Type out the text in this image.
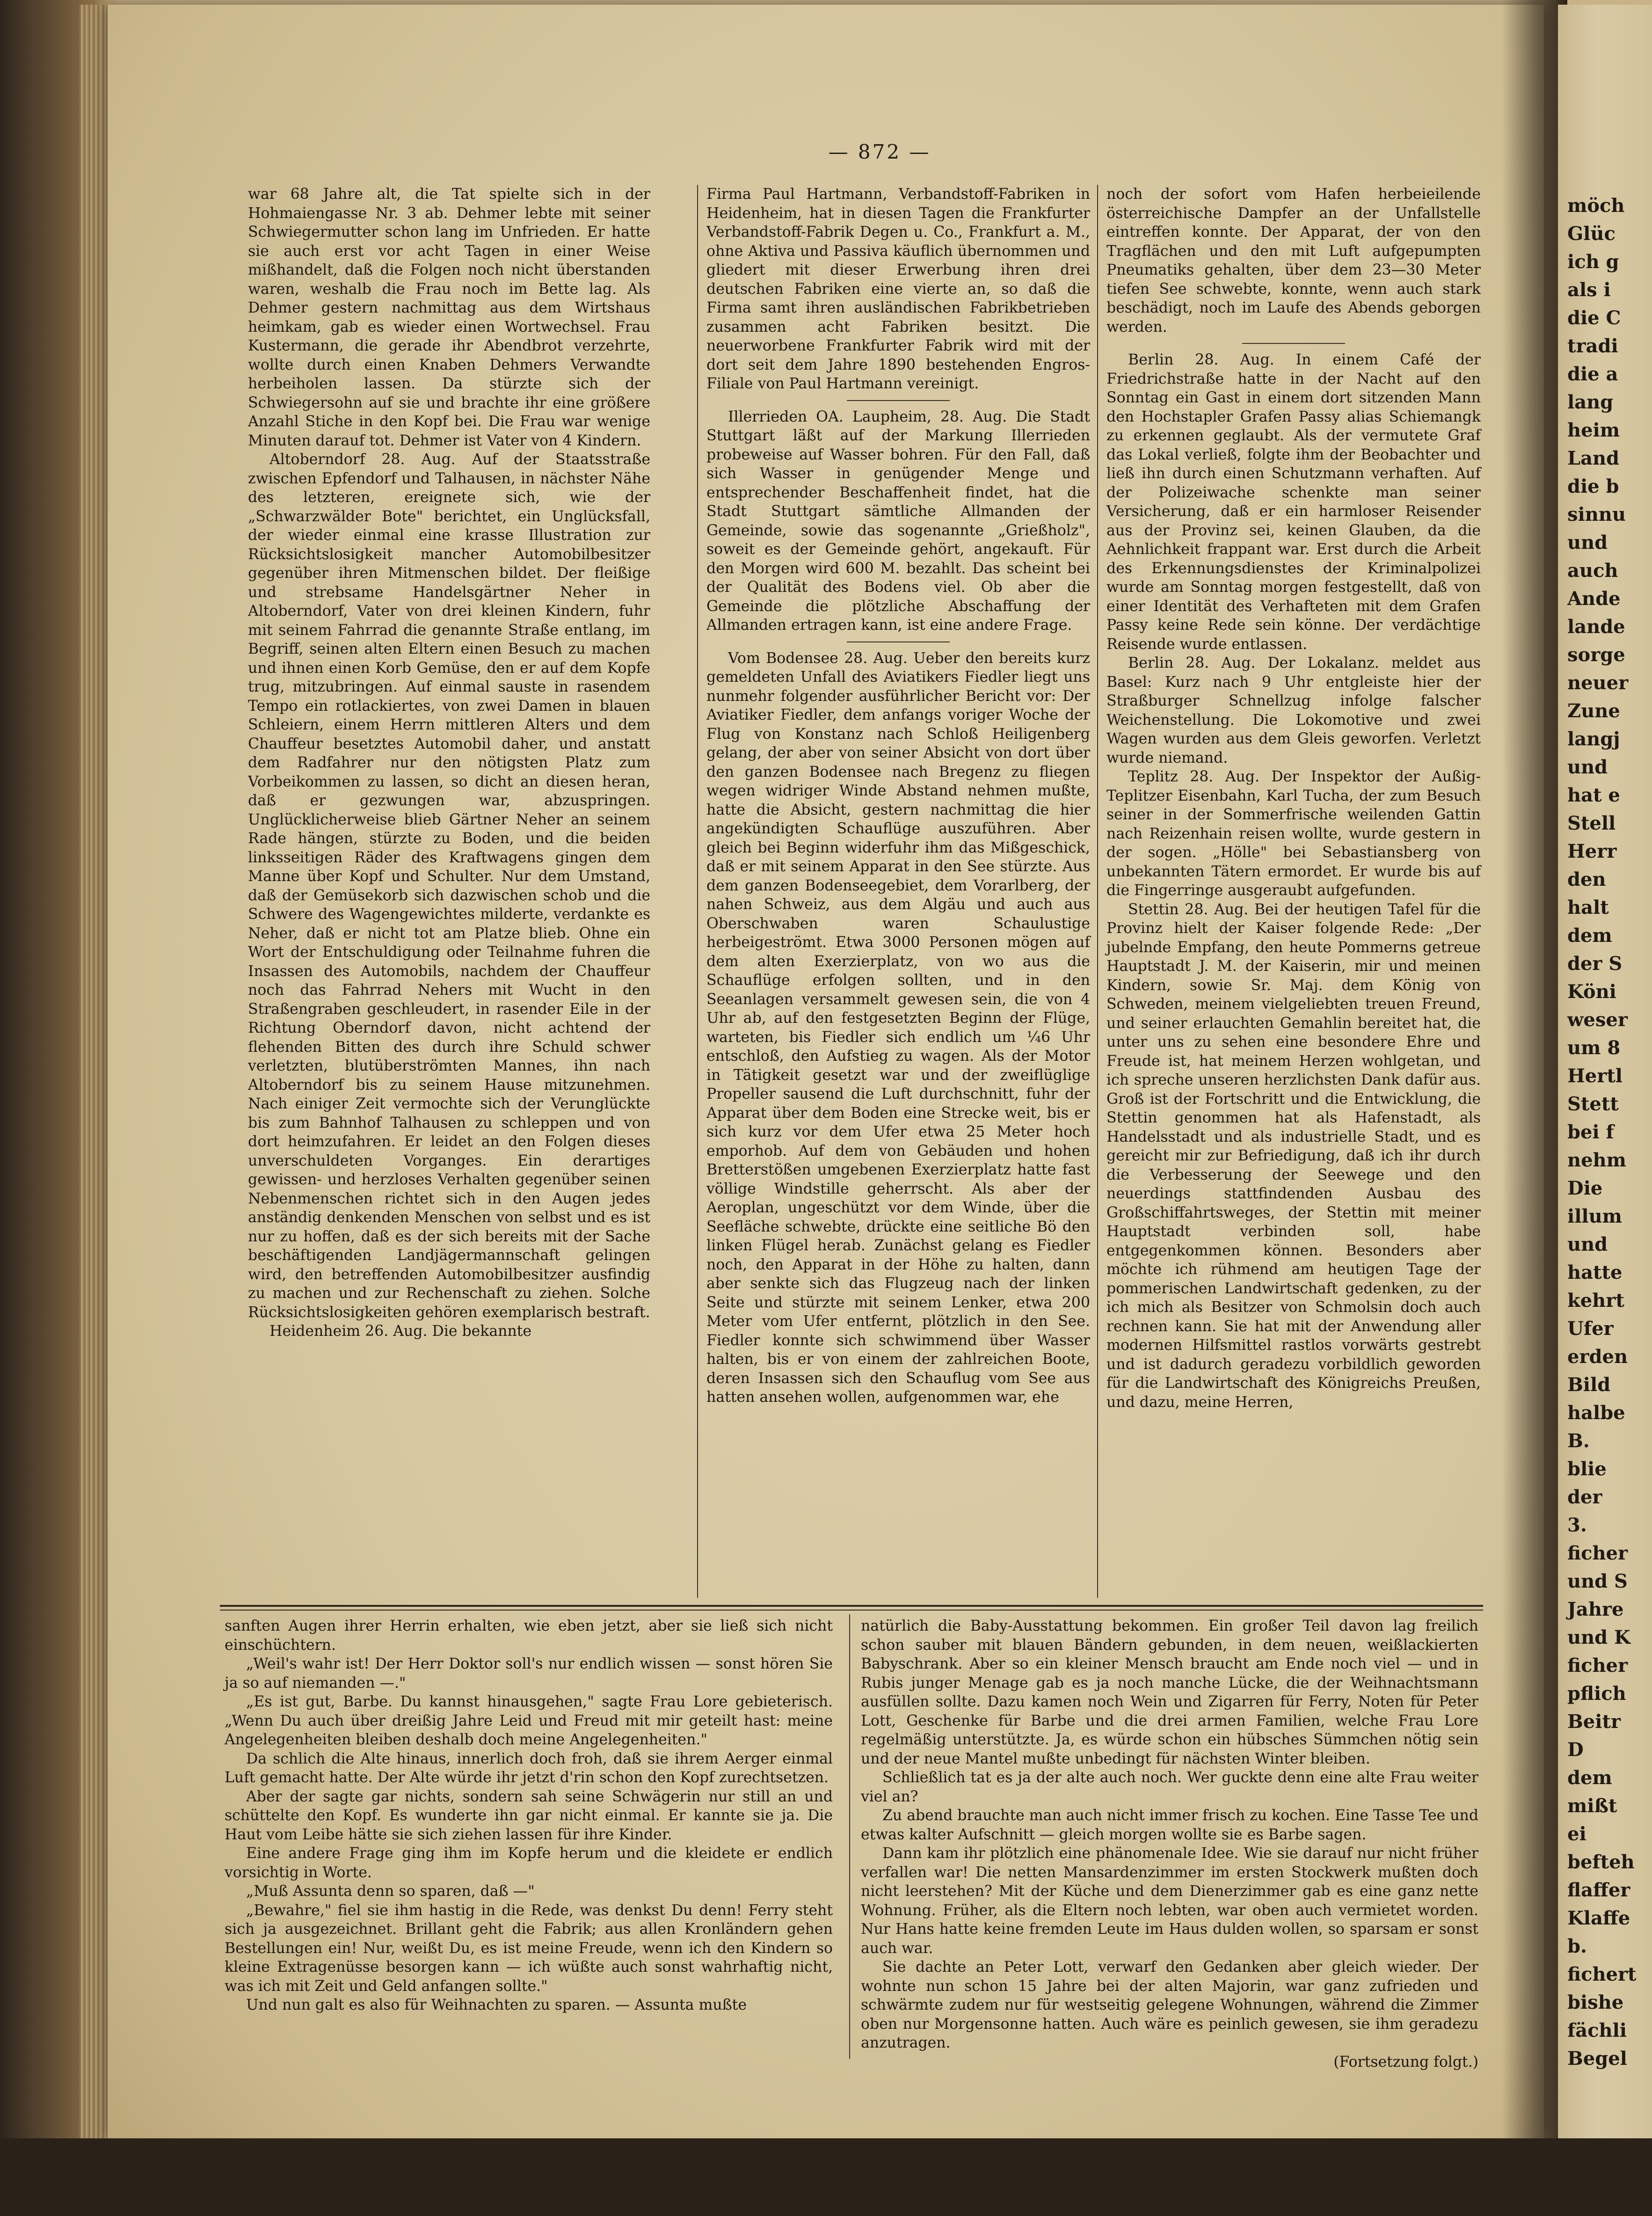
— 872 —

war 68 Jahre alt, die Tat spielte sich in der Hohmaiengasse Nr. 3 ab. Dehmer lebte mit seiner Schwiegermutter schon lang im Unfrieden. Er hatte sie auch erst vor acht Tagen in einer Weise mißhandelt, daß die Folgen noch nicht überstanden waren, weshalb die Frau noch im Bette lag. Als Dehmer gestern nachmittag aus dem Wirtshaus heimkam, gab es wieder einen Wortwechsel. Frau Kustermann, die gerade ihr Abendbrot verzehrte, wollte durch einen Knaben Dehmers Verwandte herbeiholen lassen. Da stürzte sich der Schwiegersohn auf sie und brachte ihr eine größere Anzahl Stiche in den Kopf bei. Die Frau war wenige Minuten darauf tot. Dehmer ist Vater von 4 Kindern.

Altoberndorf 28. Aug. Auf der Staatsstraße zwischen Epfendorf und Talhausen, in nächster Nähe des letzteren, ereignete sich, wie der „Schwarzwälder Bote" berichtet, ein Unglücksfall, der wieder einmal eine krasse Illustration zur Rücksichtslosigkeit mancher Automobilbesitzer gegenüber ihren Mitmenschen bildet. Der fleißige und strebsame Handelsgärtner Neher in Altoberndorf, Vater von drei kleinen Kindern, fuhr mit seinem Fahrrad die genannte Straße entlang, im Begriff, seinen alten Eltern einen Besuch zu machen und ihnen einen Korb Gemüse, den er auf dem Kopfe trug, mitzubringen. Auf einmal sauste in rasendem Tempo ein rotlackiertes, von zwei Damen in blauen Schleiern, einem Herrn mittleren Alters und dem Chauffeur besetztes Automobil daher, und anstatt dem Radfahrer nur den nötigsten Platz zum Vorbeikommen zu lassen, so dicht an diesen heran, daß er gezwungen war, abzuspringen. Unglücklicherweise blieb Gärtner Neher an seinem Rade hängen, stürzte zu Boden, und die beiden linksseitigen Räder des Kraftwagens gingen dem Manne über Kopf und Schulter. Nur dem Umstand, daß der Gemüsekorb sich dazwischen schob und die Schwere des Wagengewichtes milderte, verdankte es Neher, daß er nicht tot am Platze blieb. Ohne ein Wort der Entschuldigung oder Teilnahme fuhren die Insassen des Automobils, nachdem der Chauffeur noch das Fahrrad Nehers mit Wucht in den Straßengraben geschleudert, in rasender Eile in der Richtung Oberndorf davon, nicht achtend der flehenden Bitten des durch ihre Schuld schwer verletzten, blutüberströmten Mannes, ihn nach Altoberndorf bis zu seinem Hause mitzunehmen. Nach einiger Zeit vermochte sich der Verunglückte bis zum Bahnhof Talhausen zu schleppen und von dort heimzufahren. Er leidet an den Folgen dieses unverschuldeten Vorganges. Ein derartiges gewissen- und herzloses Verhalten gegenüber seinen Nebenmenschen richtet sich in den Augen jedes anständig denkenden Menschen von selbst und es ist nur zu hoffen, daß es der sich bereits mit der Sache beschäftigenden Landjägermannschaft gelingen wird, den betreffenden Automobilbesitzer ausfindig zu machen und zur Rechenschaft zu ziehen. Solche Rücksichtslosigkeiten gehören exemplarisch bestraft.

Heidenheim 26. Aug. Die bekannte

Firma Paul Hartmann, Verbandstoff-Fabriken in Heidenheim, hat in diesen Tagen die Frankfurter Verbandstoff-Fabrik Degen u. Co., Frankfurt a. M., ohne Aktiva und Passiva käuflich übernommen und gliedert mit dieser Erwerbung ihren drei deutschen Fabriken eine vierte an, so daß die Firma samt ihren ausländischen Fabrikbetrieben zusammen acht Fabriken besitzt. Die neuerworbene Frankfurter Fabrik wird mit der dort seit dem Jahre 1890 bestehenden Engros-Filiale von Paul Hartmann vereinigt.

Illerrieden OA. Laupheim, 28. Aug. Die Stadt Stuttgart läßt auf der Markung Illerrieden probeweise auf Wasser bohren. Für den Fall, daß sich Wasser in genügender Menge und entsprechender Beschaffenheit findet, hat die Stadt Stuttgart sämtliche Allmanden der Gemeinde, sowie das sogenannte „Grießholz", soweit es der Gemeinde gehört, angekauft. Für den Morgen wird 600 M. bezahlt. Das scheint bei der Qualität des Bodens viel. Ob aber die Gemeinde die plötzliche Abschaffung der Allmanden ertragen kann, ist eine andere Frage.

Vom Bodensee 28. Aug. Ueber den bereits kurz gemeldeten Unfall des Aviatikers Fiedler liegt uns nunmehr folgender ausführlicher Bericht vor: Der Aviatiker Fiedler, dem anfangs voriger Woche der Flug von Konstanz nach Schloß Heiligenberg gelang, der aber von seiner Absicht von dort über den ganzen Bodensee nach Bregenz zu fliegen wegen widriger Winde Abstand nehmen mußte, hatte die Absicht, gestern nachmittag die hier angekündigten Schauflüge auszuführen. Aber gleich bei Beginn widerfuhr ihm das Mißgeschick, daß er mit seinem Apparat in den See stürzte. Aus dem ganzen Bodenseegebiet, dem Vorarlberg, der nahen Schweiz, aus dem Algäu und auch aus Oberschwaben waren Schaulustige herbeigeströmt. Etwa 3000 Personen mögen auf dem alten Exerzierplatz, von wo aus die Schauflüge erfolgen sollten, und in den Seeanlagen versammelt gewesen sein, die von 4 Uhr ab, auf den festgesetzten Beginn der Flüge, warteten, bis Fiedler sich endlich um ¼6 Uhr entschloß, den Aufstieg zu wagen. Als der Motor in Tätigkeit gesetzt war und der zweiflüglige Propeller sausend die Luft durchschnitt, fuhr der Apparat über dem Boden eine Strecke weit, bis er sich kurz vor dem Ufer etwa 25 Meter hoch emporhob. Auf dem von Gebäuden und hohen Bretterstößen umgebenen Exerzierplatz hatte fast völlige Windstille geherrscht. Als aber der Aeroplan, ungeschützt vor dem Winde, über die Seefläche schwebte, drückte eine seitliche Bö den linken Flügel herab. Zunächst gelang es Fiedler noch, den Apparat in der Höhe zu halten, dann aber senkte sich das Flugzeug nach der linken Seite und stürzte mit seinem Lenker, etwa 200 Meter vom Ufer entfernt, plötzlich in den See. Fiedler konnte sich schwimmend über Wasser halten, bis er von einem der zahlreichen Boote, deren Insassen sich den Schauflug vom See aus hatten ansehen wollen, aufgenommen war, ehe

noch der sofort vom Hafen herbeieilende österreichische Dampfer an der Unfallstelle eintreffen konnte. Der Apparat, der von den Tragflächen und den mit Luft aufgepumpten Pneumatiks gehalten, über dem 23—30 Meter tiefen See schwebte, konnte, wenn auch stark beschädigt, noch im Laufe des Abends geborgen werden.

Berlin 28. Aug. In einem Café der Friedrichstraße hatte in der Nacht auf den Sonntag ein Gast in einem dort sitzenden Mann den Hochstapler Grafen Passy alias Schiemangk zu erkennen geglaubt. Als der vermutete Graf das Lokal verließ, folgte ihm der Beobachter und ließ ihn durch einen Schutzmann verhaften. Auf der Polizeiwache schenkte man seiner Versicherung, daß er ein harmloser Reisender aus der Provinz sei, keinen Glauben, da die Aehnlichkeit frappant war. Erst durch die Arbeit des Erkennungsdienstes der Kriminalpolizei wurde am Sonntag morgen festgestellt, daß von einer Identität des Verhafteten mit dem Grafen Passy keine Rede sein könne. Der verdächtige Reisende wurde entlassen.

Berlin 28. Aug. Der Lokalanz. meldet aus Basel: Kurz nach 9 Uhr entgleiste hier der Straßburger Schnellzug infolge falscher Weichenstellung. Die Lokomotive und zwei Wagen wurden aus dem Gleis geworfen. Verletzt wurde niemand.

Teplitz 28. Aug. Der Inspektor der Außig-Teplitzer Eisenbahn, Karl Tucha, der zum Besuch seiner in der Sommerfrische weilenden Gattin nach Reizenhain reisen wollte, wurde gestern in der sogen. „Hölle" bei Sebastiansberg von unbekannten Tätern ermordet. Er wurde bis auf die Fingerringe ausgeraubt aufgefunden.

Stettin 28. Aug. Bei der heutigen Tafel für die Provinz hielt der Kaiser folgende Rede: „Der jubelnde Empfang, den heute Pommerns getreue Hauptstadt J. M. der Kaiserin, mir und meinen Kindern, sowie Sr. Maj. dem König von Schweden, meinem vielgeliebten treuen Freund, und seiner erlauchten Gemahlin bereitet hat, die unter uns zu sehen eine besondere Ehre und Freude ist, hat meinem Herzen wohlgetan, und ich spreche unseren herzlichsten Dank dafür aus. Groß ist der Fortschritt und die Entwicklung, die Stettin genommen hat als Hafenstadt, als Handelsstadt und als industrielle Stadt, und es gereicht mir zur Befriedigung, daß ich ihr durch die Verbesserung der Seewege und den neuerdings stattfindenden Ausbau des Großschiffahrtsweges, der Stettin mit meiner Hauptstadt verbinden soll, habe entgegenkommen können. Besonders aber möchte ich rühmend am heutigen Tage der pommerischen Landwirtschaft gedenken, zu der ich mich als Besitzer von Schmolsin doch auch rechnen kann. Sie hat mit der Anwendung aller modernen Hilfsmittel rastlos vorwärts gestrebt und ist dadurch geradezu vorbildlich geworden für die Landwirtschaft des Königreichs Preußen, und dazu, meine Herren,

sanften Augen ihrer Herrin erhalten, wie eben jetzt, aber sie ließ sich nicht einschüchtern.

„Weil's wahr ist! Der Herr Doktor soll's nur endlich wissen — sonst hören Sie ja so auf niemanden —."

„Es ist gut, Barbe. Du kannst hinausgehen," sagte Frau Lore gebieterisch. „Wenn Du auch über dreißig Jahre Leid und Freud mit mir geteilt hast: meine Angelegenheiten bleiben deshalb doch meine Angelegenheiten."

Da schlich die Alte hinaus, innerlich doch froh, daß sie ihrem Aerger einmal Luft gemacht hatte. Der Alte würde ihr jetzt d'rin schon den Kopf zurechtsetzen.

Aber der sagte gar nichts, sondern sah seine Schwägerin nur still an und schüttelte den Kopf. Es wunderte ihn gar nicht einmal. Er kannte sie ja. Die Haut vom Leibe hätte sie sich ziehen lassen für ihre Kinder.

Eine andere Frage ging ihm im Kopfe herum und die kleidete er endlich vorsichtig in Worte.

„Muß Assunta denn so sparen, daß —"

„Bewahre," fiel sie ihm hastig in die Rede, was denkst Du denn! Ferry steht sich ja ausgezeichnet. Brillant geht die Fabrik; aus allen Kronländern gehen Bestellungen ein! Nur, weißt Du, es ist meine Freude, wenn ich den Kindern so kleine Extragenüsse besorgen kann — ich wüßte auch sonst wahrhaftig nicht, was ich mit Zeit und Geld anfangen sollte."

Und nun galt es also für Weihnachten zu sparen. — Assunta mußte

natürlich die Baby-Ausstattung bekommen. Ein großer Teil davon lag freilich schon sauber mit blauen Bändern gebunden, in dem neuen, weißlackierten Babyschrank. Aber so ein kleiner Mensch braucht am Ende noch viel — und in Rubis junger Menage gab es ja noch manche Lücke, die der Weihnachtsmann ausfüllen sollte. Dazu kamen noch Wein und Zigarren für Ferry, Noten für Peter Lott, Geschenke für Barbe und die drei armen Familien, welche Frau Lore regelmäßig unterstützte. Ja, es würde schon ein hübsches Sümmchen nötig sein und der neue Mantel mußte unbedingt für nächsten Winter bleiben.

Schließlich tat es ja der alte auch noch. Wer guckte denn eine alte Frau weiter viel an?

Zu abend brauchte man auch nicht immer frisch zu kochen. Eine Tasse Tee und etwas kalter Aufschnitt — gleich morgen wollte sie es Barbe sagen.

Dann kam ihr plötzlich eine phänomenale Idee. Wie sie darauf nur nicht früher verfallen war! Die netten Mansardenzimmer im ersten Stockwerk mußten doch nicht leerstehen? Mit der Küche und dem Dienerzimmer gab es eine ganz nette Wohnung. Früher, als die Eltern noch lebten, war oben auch vermietet worden. Nur Hans hatte keine fremden Leute im Haus dulden wollen, so sparsam er sonst auch war.

Sie dachte an Peter Lott, verwarf den Gedanken aber gleich wieder. Der wohnte nun schon 15 Jahre bei der alten Majorin, war ganz zufrieden und schwärmte zudem nur für westseitig gelegene Wohnungen, während die Zimmer oben nur Morgensonne hatten. Auch wäre es peinlich gewesen, sie ihm geradezu anzutragen.

(Fortsetzung folgt.)

möch
Glüc
ich g
als i
die C
tradi
die a
lang
heim
Land
die b
sinnu
und
auch
Ande
lande
sorge
neuer
Zune
langj
und
hat e
Stell
Herr
den
halt
dem
der S
Köni
weser
um 8
Hertl
Stett
bei f
nehm
Die
illum
und
hatte
kehrt
Ufer
erden
Bild
halbe
B.
blie
der
3.
ficher
und S
Jahre
und K
ficher
pflich
Beitr
D
dem
mißt
ei
befteh
flaffer
Klaffe
b.
fichert
bishe
fächli
Begel
